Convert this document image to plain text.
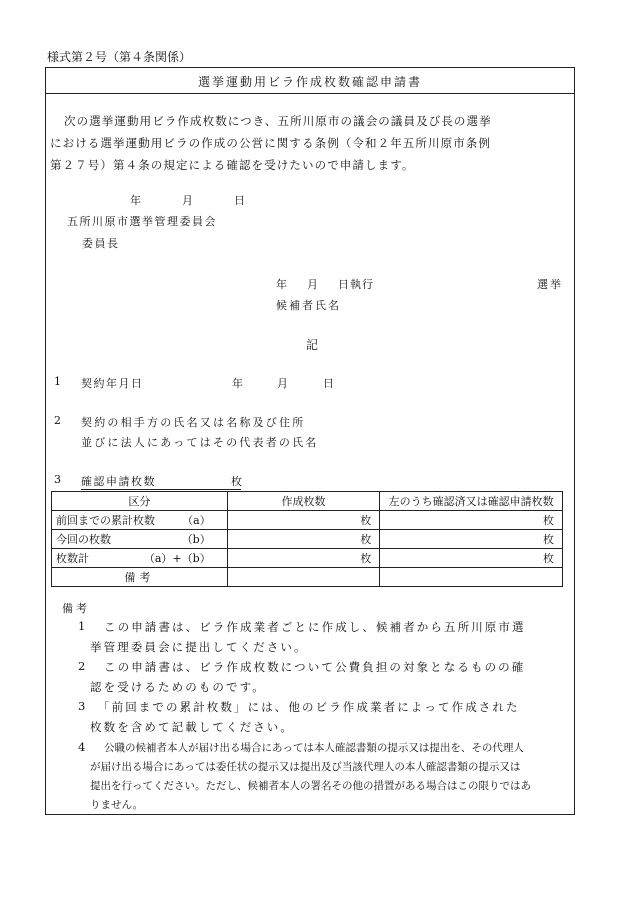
様式第２号（第４条関係）
選挙運動用ビラ作成枚数確認申請書
次の選挙運動用ビラ作成枚数につき、五所川原市の議会の議員及び長の選挙
における選挙運動用ビラの作成の公営に関する条例（令和２年五所川原市条例
第２７号）第４条の規定による確認を受けたいので申請します。
年	月	日
五所川原市選挙管理委員会
委員長
年 月 日執行	選挙
候補者氏名
記
1 契約年月日	年	月	日
2 契約の相手方の氏名又は名称及び住所
並びに法人にあってはその代表者の氏名
3 確認申請枚数	枚
区分	作成枚数	左のうち確認済又は確認申請枚数

前回までの累計枚数 （a）	枚	枚

今回の枚数 （b）	枚	枚

枚数計 （a）+（b）	枚	枚
備考		
備考
1 この申請書は、ビラ作成業者ごとに作成し、候補者から五所川原市選
挙管理委員会に提出してください。
2 この申請書は、ビラ作成枚数について公費負担の対象となるものの確
認を受けるためのものです。
3 「前回までの累計枚数」には、他のビラ作成業者によって作成された
枚数を含めて記載してください。
4 公職の候補者本人が届け出る場合にあっては本人確認書類の提示又は提出を、その代理人
が届け出る場合にあっては委任状の提示又は提出及び当該代理人の本人確認書類の提示又は
提出を行ってください。ただし、候補者本人の署名その他の措置がある場合はこの限りではあ
りません。
